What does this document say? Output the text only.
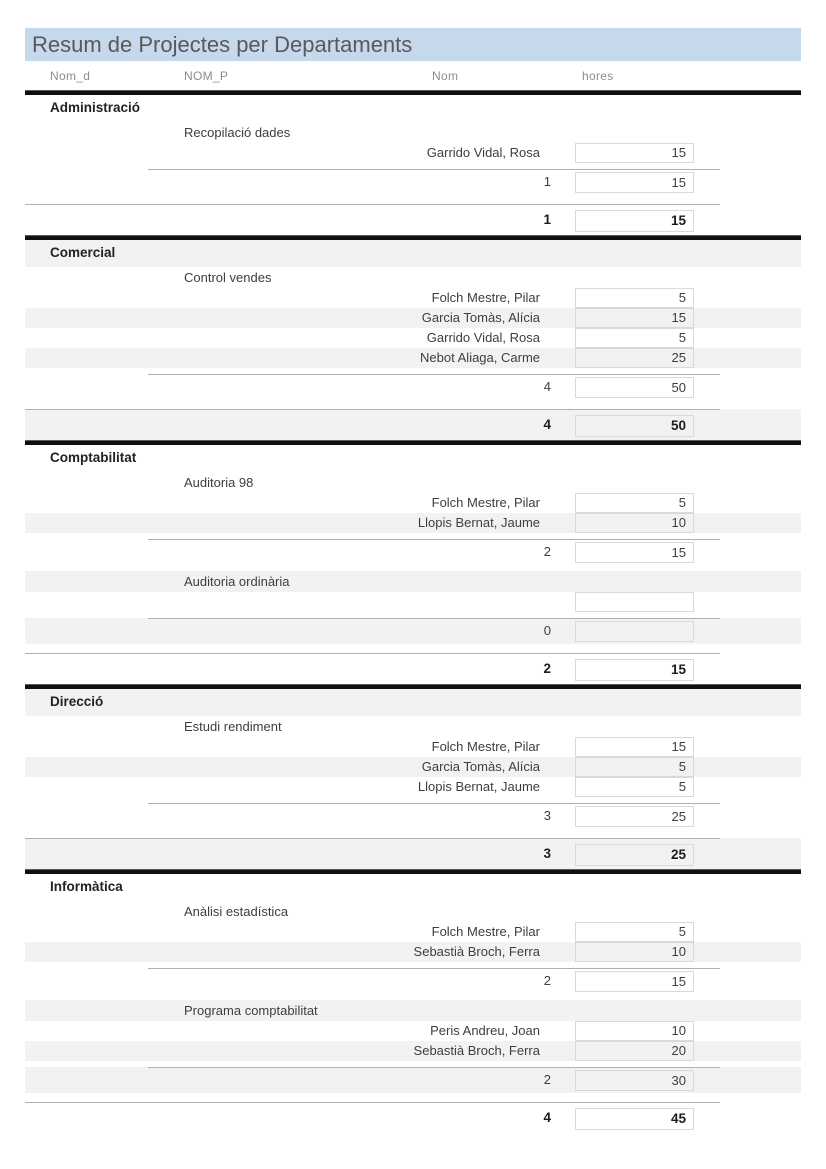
Resum de Projectes per Departaments
Nom_d	NOM_P	Nom	hores
Administració
Recopilació dades
Garrido Vidal, Rosa	15
1	15
1	15
Comercial
Control vendes
Folch Mestre, Pilar	5
Garcia Tomàs, Alícia	15
Garrido Vidal, Rosa	5
Nebot Aliaga, Carme	25
4	50
4	50
Comptabilitat
Auditoria 98
Folch Mestre, Pilar	5
Llopis Bernat, Jaume	10
2	15
Auditoria ordinària
0
2	15
Direcció
Estudi rendiment
Folch Mestre, Pilar	15
Garcia Tomàs, Alícia	5
Llopis Bernat, Jaume	5
3	25
3	25
Informàtica
Anàlisi estadística
Folch Mestre, Pilar	5
Sebastià Broch, Ferra	10
2	15
Programa comptabilitat
Peris Andreu, Joan	10
Sebastià Broch, Ferra	20
2	30
4	45
